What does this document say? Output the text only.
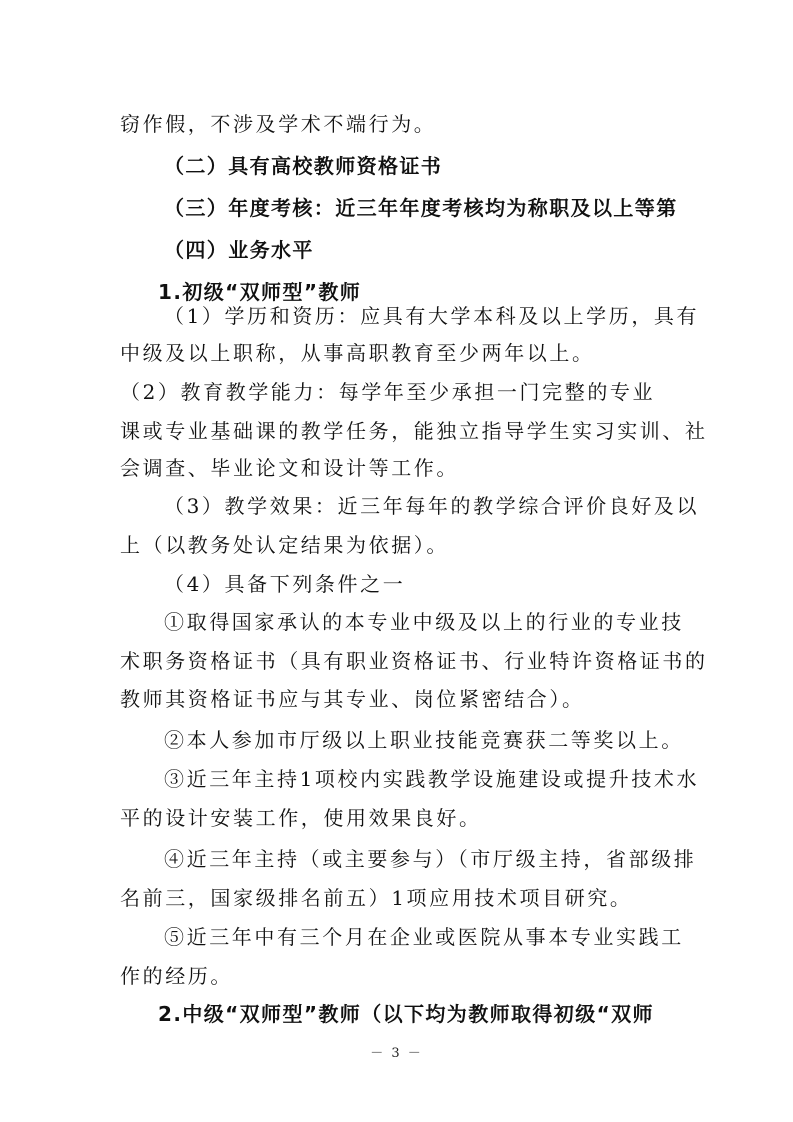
窃作假，不涉及学术不端行为。
（二）具有高校教师资格证书
（三）年度考核：近三年年度考核均为称职及以上等第
（四）业务水平
1.初级“双师型”教师
（1）学历和资历：应具有大学本科及以上学历，具有
中级及以上职称，从事高职教育至少两年以上。
（2）教育教学能力：每学年至少承担一门完整的专业
课或专业基础课的教学任务，能独立指导学生实习实训、社
会调查、毕业论文和设计等工作。
（3）教学效果：近三年每年的教学综合评价良好及以
上（以教务处认定结果为依据）。
（4）具备下列条件之一
①取得国家承认的本专业中级及以上的行业的专业技
术职务资格证书（具有职业资格证书、行业特许资格证书的
教师其资格证书应与其专业、岗位紧密结合）。
②本人参加市厅级以上职业技能竞赛获二等奖以上。
③近三年主持1项校内实践教学设施建设或提升技术水
平的设计安装工作，使用效果良好。
④近三年主持（或主要参与）（市厅级主持，省部级排
名前三，国家级排名前五）1项应用技术项目研究。
⑤近三年中有三个月在企业或医院从事本专业实践工
作的经历。
2.中级“双师型”教师（以下均为教师取得初级“双师
－ 3 －
